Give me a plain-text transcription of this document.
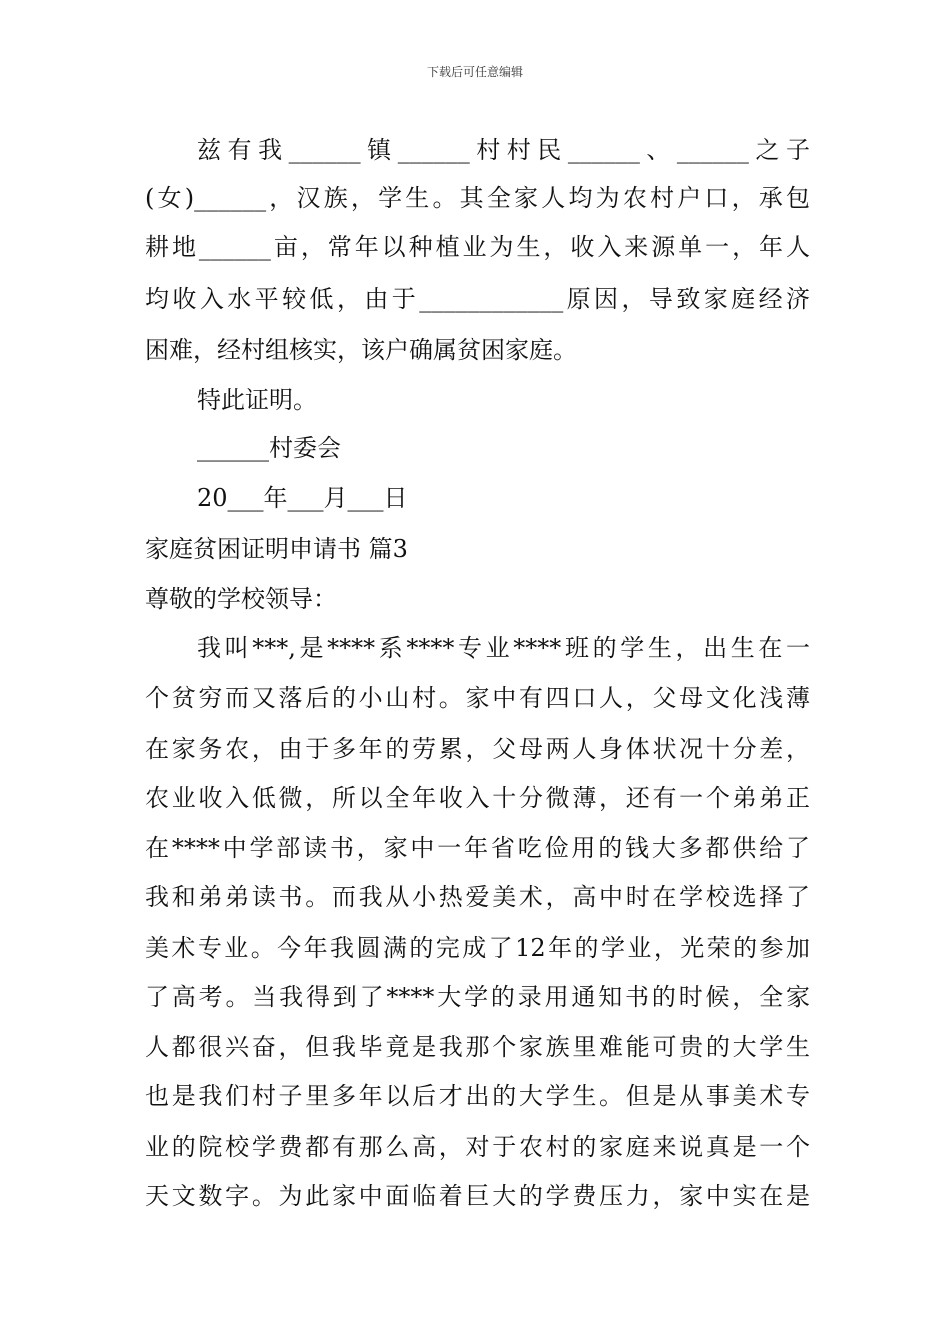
下载后可任意编辑
兹有我______镇______村村民______、______之子
(女)______，汉族，学生。其全家人均为农村户口，承包
耕地______亩，常年以种植业为生，收入来源单一，年人
均收入水平较低，由于____________原因，导致家庭经济
困难，经村组核实，该户确属贫困家庭。
特此证明。
______村委会
20___年___月___日
家庭贫困证明申请书 篇3
尊敬的学校领导：
我叫***,是****系****专业****班的学生，出生在一
个贫穷而又落后的小山村。家中有四口人，父母文化浅薄
在家务农，由于多年的劳累，父母两人身体状况十分差，
农业收入低微，所以全年收入十分微薄，还有一个弟弟正
在****中学部读书，家中一年省吃俭用的钱大多都供给了
我和弟弟读书。而我从小热爱美术，高中时在学校选择了
美术专业。今年我圆满的完成了12年的学业，光荣的参加
了高考。当我得到了****大学的录用通知书的时候，全家
人都很兴奋，但我毕竟是我那个家族里难能可贵的大学生
也是我们村子里多年以后才出的大学生。但是从事美术专
业的院校学费都有那么高，对于农村的家庭来说真是一个
天文数字。为此家中面临着巨大的学费压力，家中实在是
